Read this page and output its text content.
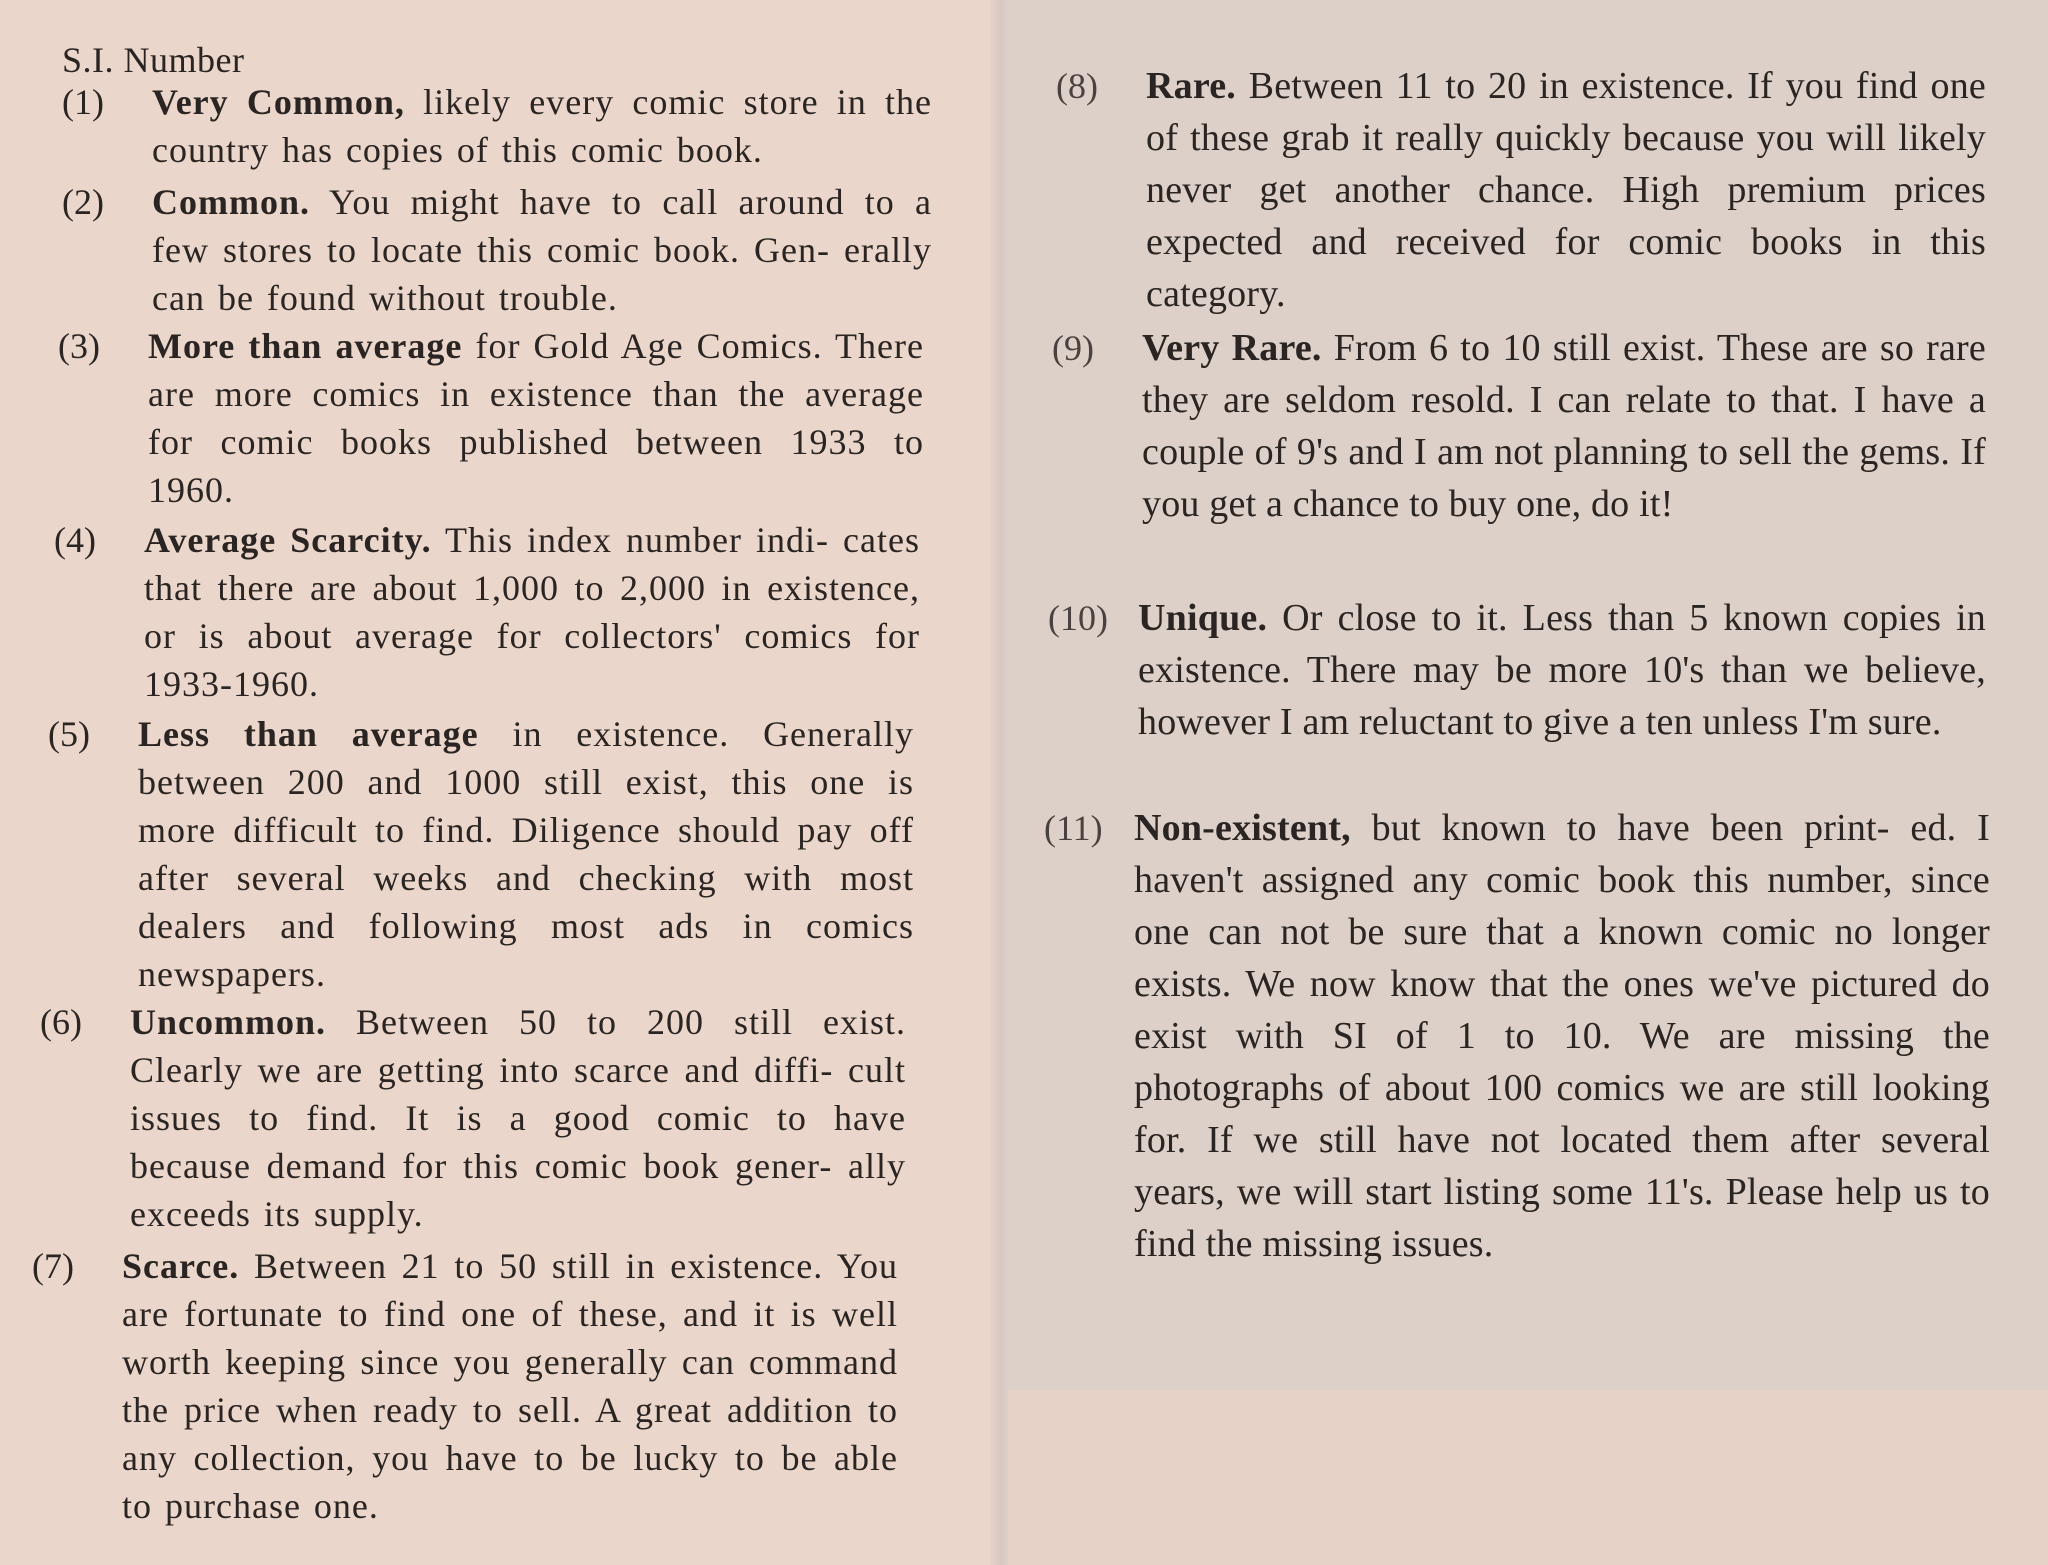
S.I. Number
(1)	Very Common, likely every comic store in the country has copies of this comic book.
(2)	Common. You might have to call around to a few stores to locate this comic book. Gen- erally can be found without trouble.
(3)	More than average for Gold Age Comics. There are more comics in existence than the average for comic books published between 1933 to 1960.
(4)	Average Scarcity. This index number indi- cates that there are about 1,000 to 2,000 in existence, or is about average for collectors' comics for 1933-1960.
(5)	Less than average in existence. Generally between 200 and 1000 still exist, this one is more difficult to find. Diligence should pay off after several weeks and checking with most dealers and following most ads in comics newspapers.
(6)	Uncommon. Between 50 to 200 still exist. Clearly we are getting into scarce and diffi- cult issues to find. It is a good comic to have because demand for this comic book gener- ally exceeds its supply.
(7)	Scarce. Between 21 to 50 still in existence. You are fortunate to find one of these, and it is well worth keeping since you generally can command the price when ready to sell. A great addition to any collection, you have to be lucky to be able to purchase one.
(8)	Rare. Between 11 to 20 in existence. If you find one of these grab it really quickly because you will likely never get another chance. High premium prices expected and received for comic books in this category.
(9)	Very Rare. From 6 to 10 still exist. These are so rare they are seldom resold. I can relate to that. I have a couple of 9's and I am not planning to sell the gems. If you get a chance to buy one, do it!
(10) Unique. Or close to it. Less than 5 known copies in existence. There may be more 10's than we believe, however I am reluctant to give a ten unless I'm sure.
(11) Non-existent, but known to have been print- ed. I haven't assigned any comic book this number, since one can not be sure that a known comic no longer exists. We now know that the ones we've pictured do exist with SI of 1 to 10. We are missing the photographs of about 100 comics we are still looking for. If we still have not located them after several years, we will start listing some 11's. Please help us to find the missing issues.
